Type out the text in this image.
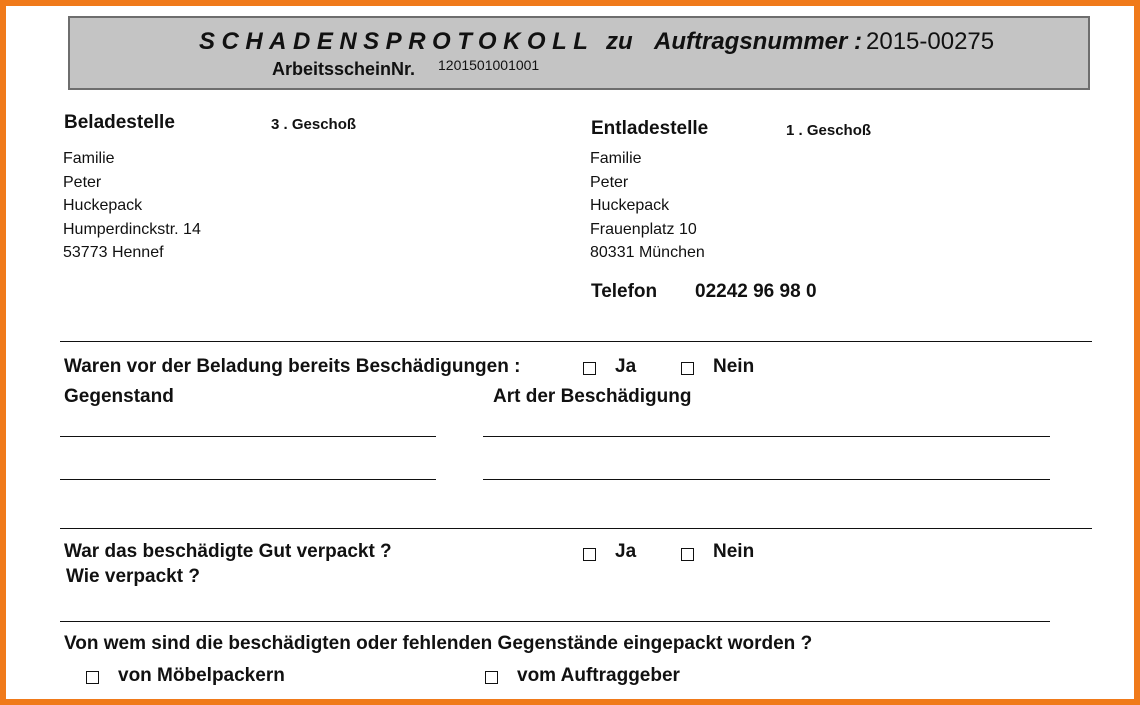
SCHADENSPROTOKOLL zu Auftragsnummer : 2015-00275
ArbeitsscheinNr. 1201501001001
Beladestelle	3 . Geschoß
Familie
Peter
Huckepack
Humperdinckstr. 14
53773 Hennef
Entladestelle	1 . Geschoß
Familie
Peter
Huckepack
Frauenplatz 10
80331 München
Telefon 02242 96 98 0
Waren vor der Beladung bereits Beschädigungen :	Ja	Nein
Gegenstand	Art der Beschädigung
War das beschädigte Gut verpackt ?	Ja	Nein
Wie verpackt ?
Von wem sind die beschädigten oder fehlenden Gegenstände eingepackt worden ?
von Möbelpackern	vom Auftraggeber
